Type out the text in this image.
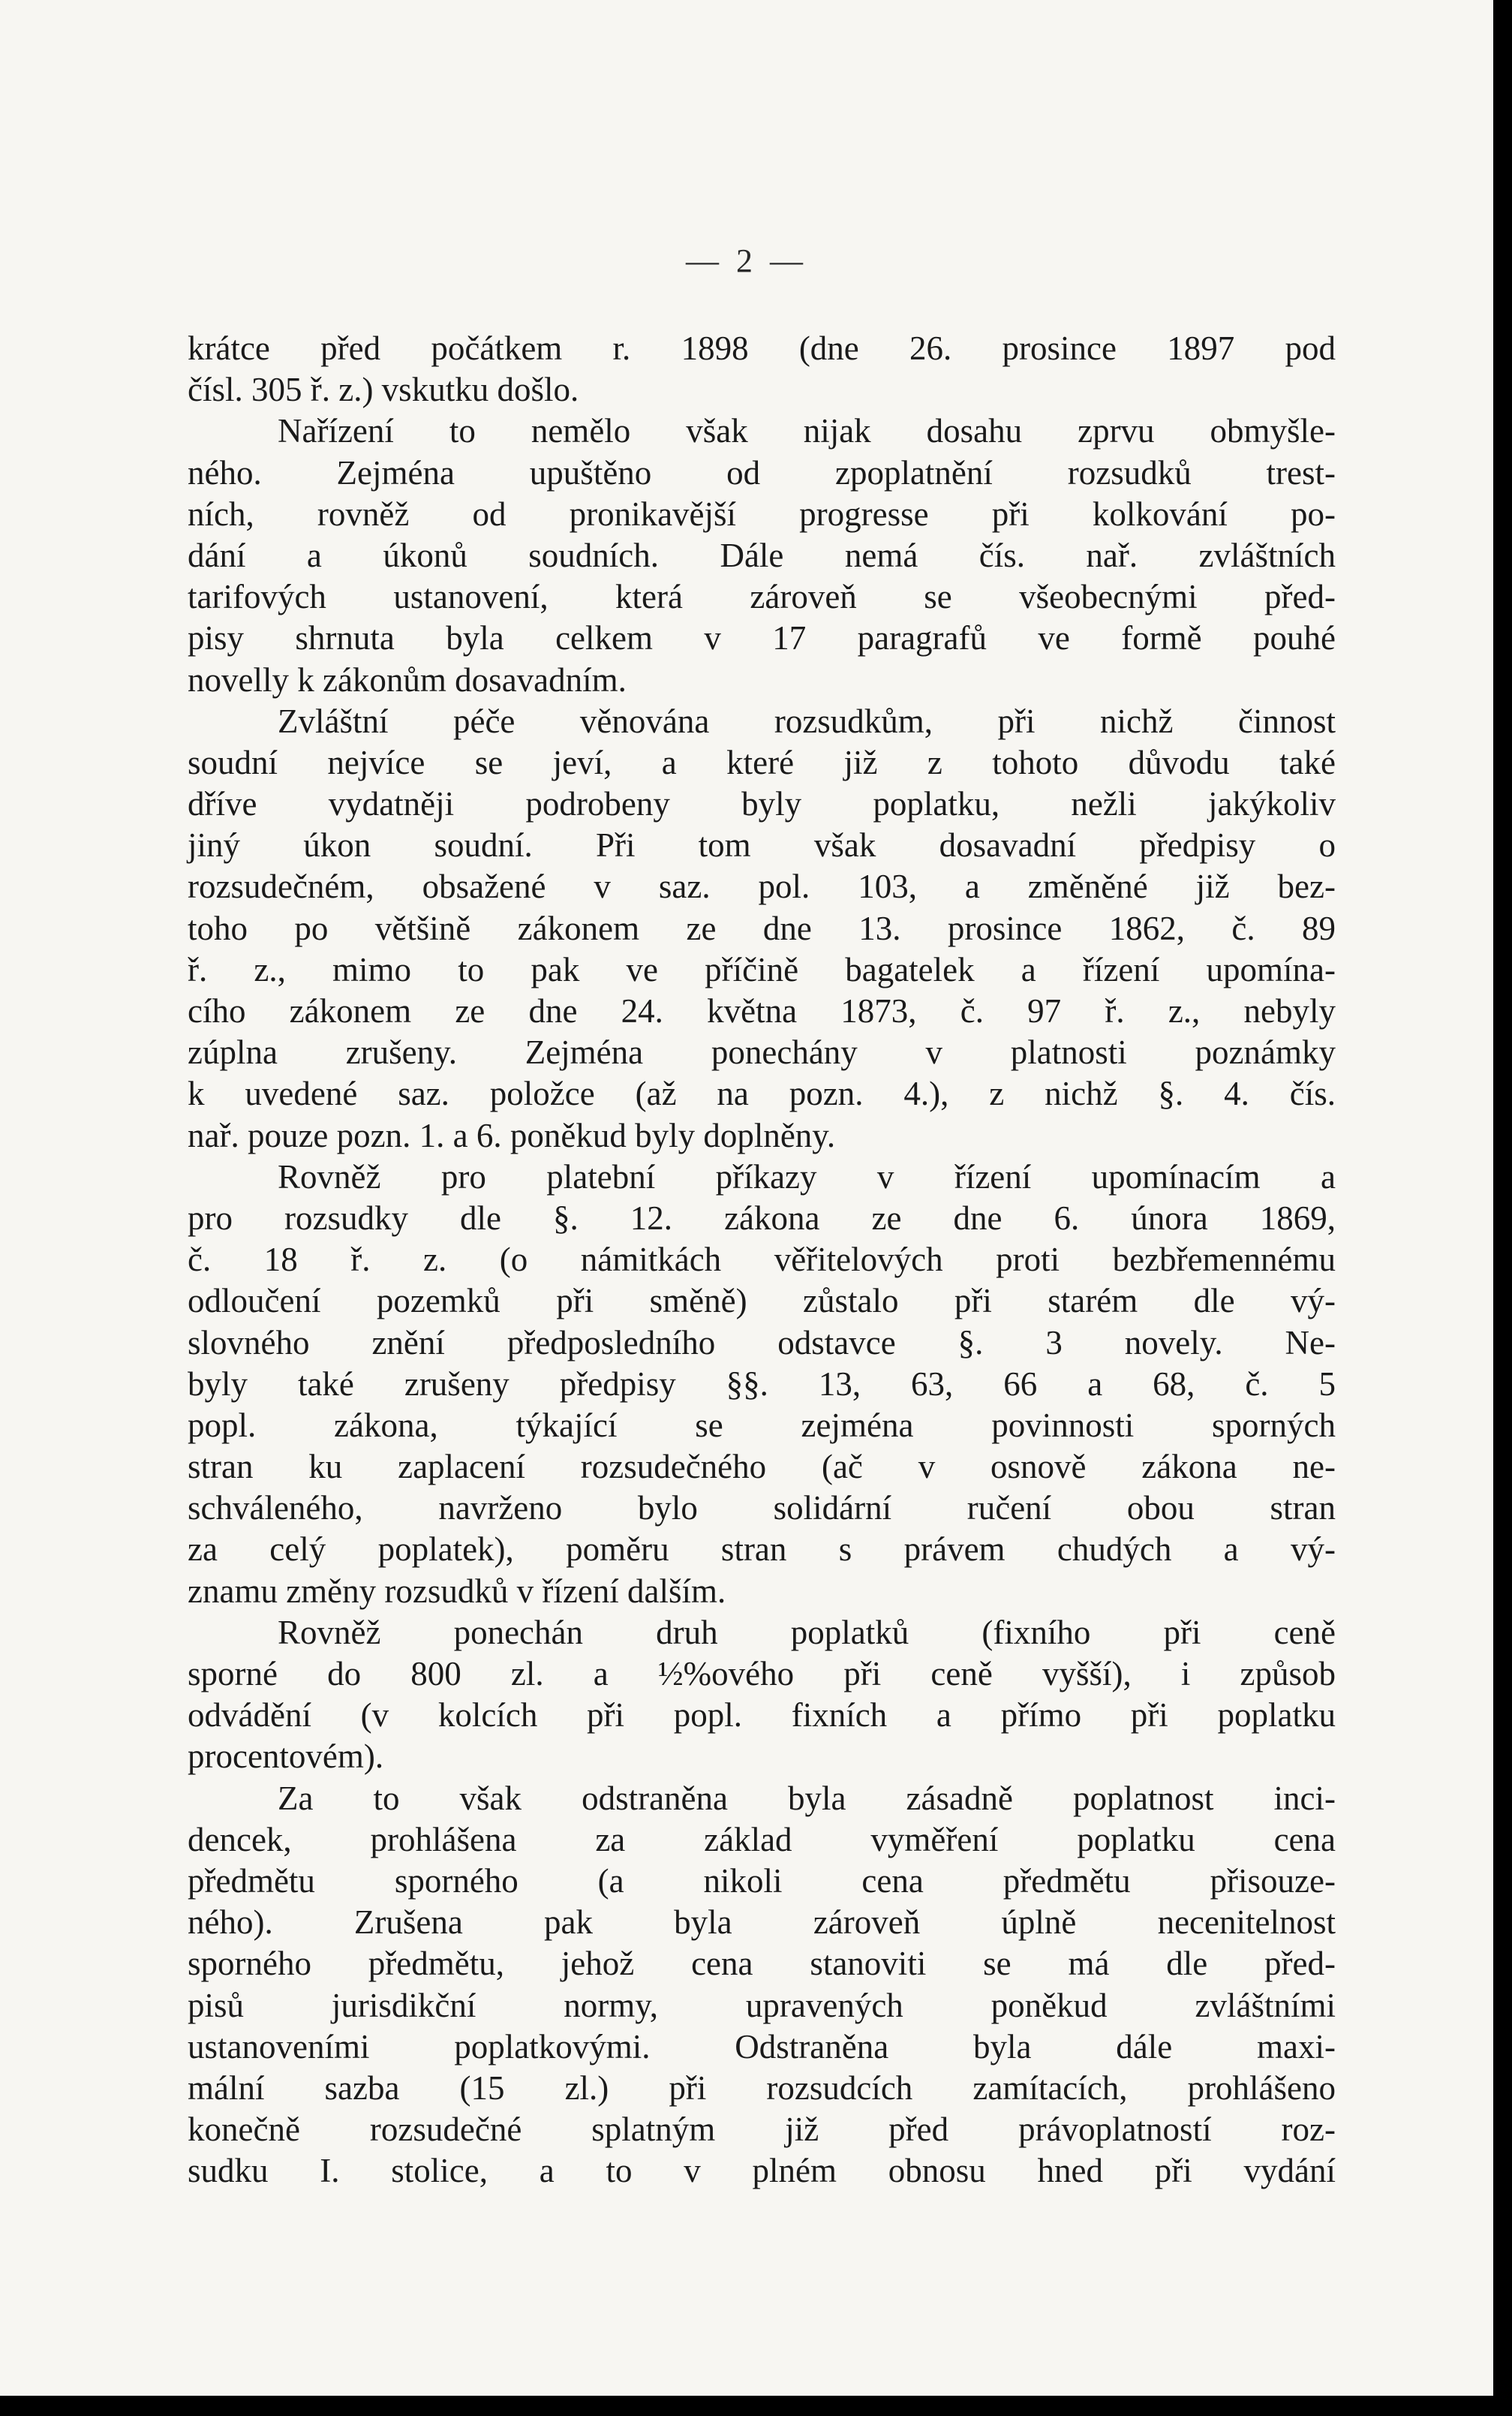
— 2 —

krátce před počátkem r. 1898 (dne 26. prosince 1897 pod

čísl. 305 ř. z.) vskutku došlo.

Nařízení to nemělo však nijak dosahu zprvu obmyšle-

ného. Zejména upuštěno od zpoplatnění rozsudků trest-

ních, rovněž od pronikavější progresse při kolkování po-

dání a úkonů soudních. Dále nemá čís. nař. zvláštních

tarifových ustanovení, která zároveň se všeobecnými před-

pisy shrnuta byla celkem v 17 paragrafů ve formě pouhé

novelly k zákonům dosavadním.

Zvláštní péče věnována rozsudkům, při nichž činnost

soudní nejvíce se jeví, a které již z tohoto důvodu také

dříve vydatněji podrobeny byly poplatku, nežli jakýkoliv

jiný úkon soudní. Při tom však dosavadní předpisy o

rozsudečném, obsažené v saz. pol. 103, a změněné již bez-

toho po většině zákonem ze dne 13. prosince 1862, č. 89

ř. z., mimo to pak ve příčině bagatelek a řízení upomína-

cího zákonem ze dne 24. května 1873, č. 97 ř. z., nebyly

zúplna zrušeny. Zejména ponechány v platnosti poznámky

k uvedené saz. položce (až na pozn. 4.), z nichž §. 4. čís.

nař. pouze pozn. 1. a 6. poněkud byly doplněny.

Rovněž pro platební příkazy v řízení upomínacím a

pro rozsudky dle §. 12. zákona ze dne 6. února 1869,

č. 18 ř. z. (o námitkách věřitelových proti bezbřemennému

odloučení pozemků při směně) zůstalo při starém dle vý-

slovného znění předposledního odstavce §. 3 novely. Ne-

byly také zrušeny předpisy §§. 13, 63, 66 a 68, č. 5

popl. zákona, týkající se zejména povinnosti sporných

stran ku zaplacení rozsudečného (ač v osnově zákona ne-

schváleného, navrženo bylo solidární ručení obou stran

za celý poplatek), poměru stran s právem chudých a vý-

znamu změny rozsudků v řízení dalším.

Rovněž ponechán druh poplatků (fixního při ceně

sporné do 800 zl. a ½%ového při ceně vyšší), i způsob

odvádění (v kolcích při popl. fixních a přímo při poplatku

procentovém).

Za to však odstraněna byla zásadně poplatnost inci-

dencek, prohlášena za základ vyměření poplatku cena

předmětu sporného (a nikoli cena předmětu přisouze-

ného). Zrušena pak byla zároveň úplně necenitelnost

sporného předmětu, jehož cena stanoviti se má dle před-

pisů jurisdikční normy, upravených poněkud zvláštními

ustanoveními poplatkovými. Odstraněna byla dále maxi-

mální sazba (15 zl.) při rozsudcích zamítacích, prohlášeno

konečně rozsudečné splatným již před právoplatností roz-

sudku I. stolice, a to v plném obnosu hned při vydání
